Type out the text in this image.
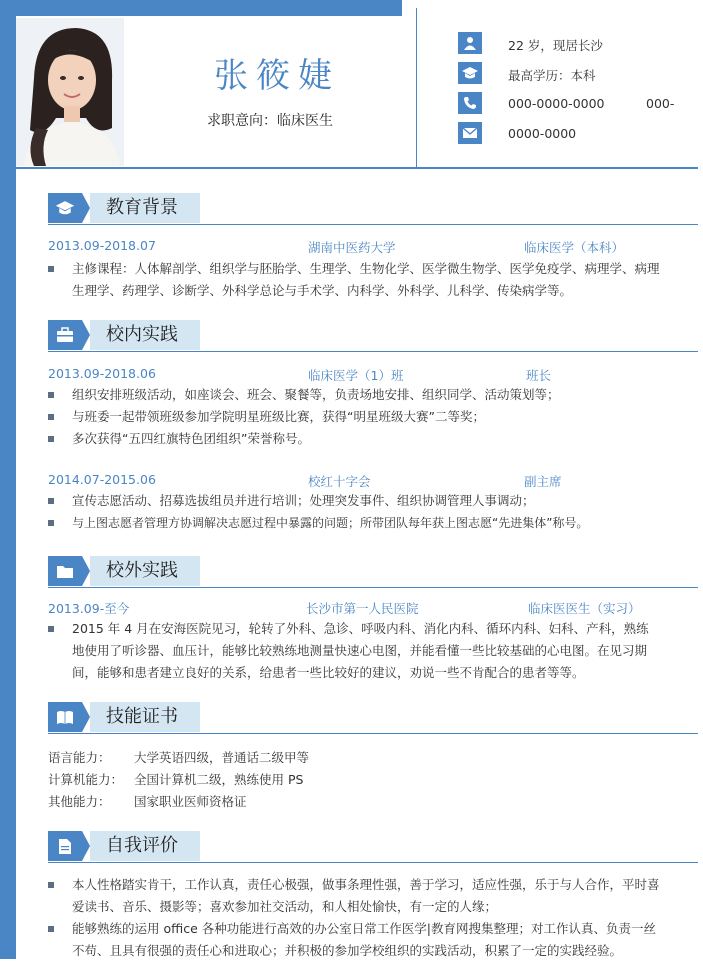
张筱婕
求职意向：临床医生
22 岁，现居长沙
最高学历：本科
000-0000-0000	000-
0000-0000
教育背景
2013.09-2018.07	湖南中医药大学	临床医学（本科）
主修课程：人体解剖学、组织学与胚胎学、生理学、生物化学、医学微生物学、医学免疫学、病理学、病理生理学、药理学、诊断学、外科学总论与手术学、内科学、外科学、儿科学、传染病学等。
校内实践
2013.09-2018.06	临床医学（1）班	班长
组织安排班级活动，如座谈会、班会、聚餐等，负责场地安排、组织同学、活动策划等；
与班委一起带领班级参加学院明星班级比赛，获得“明星班级大赛”二等奖；
多次获得“五四红旗特色团组织”荣誉称号。
2014.07-2015.06	校红十字会	副主席
宣传志愿活动、招募选拔组员并进行培训；处理突发事件、组织协调管理人事调动；
与上图志愿者管理方协调解决志愿过程中暴露的问题；所带团队每年获上图志愿“先进集体”称号。
校外实践
2013.09-至今	长沙市第一人民医院	临床医医生（实习）
2015 年 4 月在安海医院见习，轮转了外科、急诊、呼吸内科、消化内科、循环内科、妇科、产科，熟练地使用了听诊器、血压计，能够比较熟练地测量快速心电图，并能看懂一些比较基础的心电图。在见习期间，能够和患者建立良好的关系，给患者一些比较好的建议，劝说一些不肯配合的患者等等。
技能证书
语言能力： 大学英语四级，普通话二级甲等
计算机能力： 全国计算机二级，熟练使用 PS
其他能力： 国家职业医师资格证
自我评价
本人性格踏实肯干，工作认真，责任心极强，做事条理性强，善于学习，适应性强，乐于与人合作，平时喜爱读书、音乐、摄影等；喜欢参加社交活动，和人相处愉快，有一定的人缘；
能够熟练的运用 office 各种功能进行高效的办公室日常工作医学|教育网搜集整理；对工作认真、负责一丝不苟、且具有很强的责任心和进取心；并积极的参加学校组织的实践活动，积累了一定的实践经验。
